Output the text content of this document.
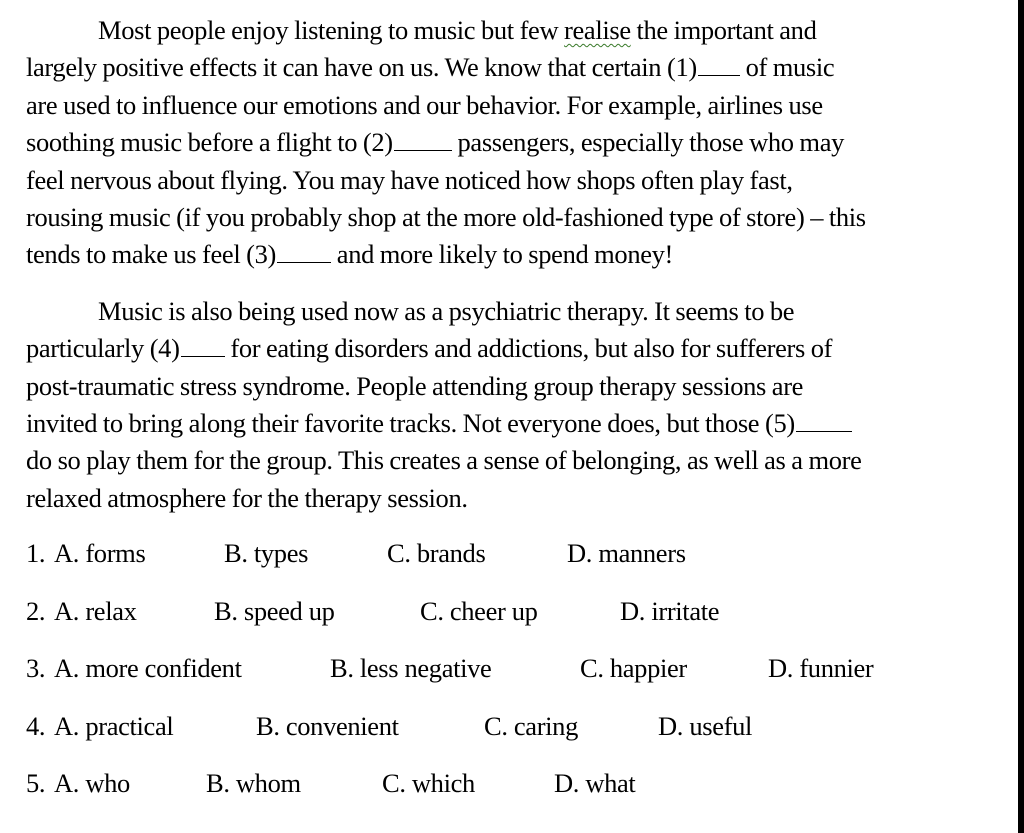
Most people enjoy listening to music but few realise the important and
largely positive effects it can have on us. We know that certain (1) of music
are used to influence our emotions and our behavior. For example, airlines use
soothing music before a flight to (2) passengers, especially those who may
feel nervous about flying. You may have noticed how shops often play fast,
rousing music (if you probably shop at the more old-fashioned type of store) – this
tends to make us feel (3) and more likely to spend money!

Music is also being used now as a psychiatric therapy. It seems to be
particularly (4) for eating disorders and addictions, but also for sufferers of
post-traumatic stress syndrome. People attending group therapy sessions are
invited to bring along their favorite tracks. Not everyone does, but those (5)
do so play them for the group. This creates a sense of belonging, as well as a more
relaxed atmosphere for the therapy session.

1. A. forms	B. types	C. brands	D. manners
2. A. relax	B. speed up	C. cheer up	D. irritate
3. A. more confident	B. less negative	C. happier	D. funnier
4. A. practical	B. convenient	C. caring	D. useful
5. A. who	B. whom	C. which	D. what
